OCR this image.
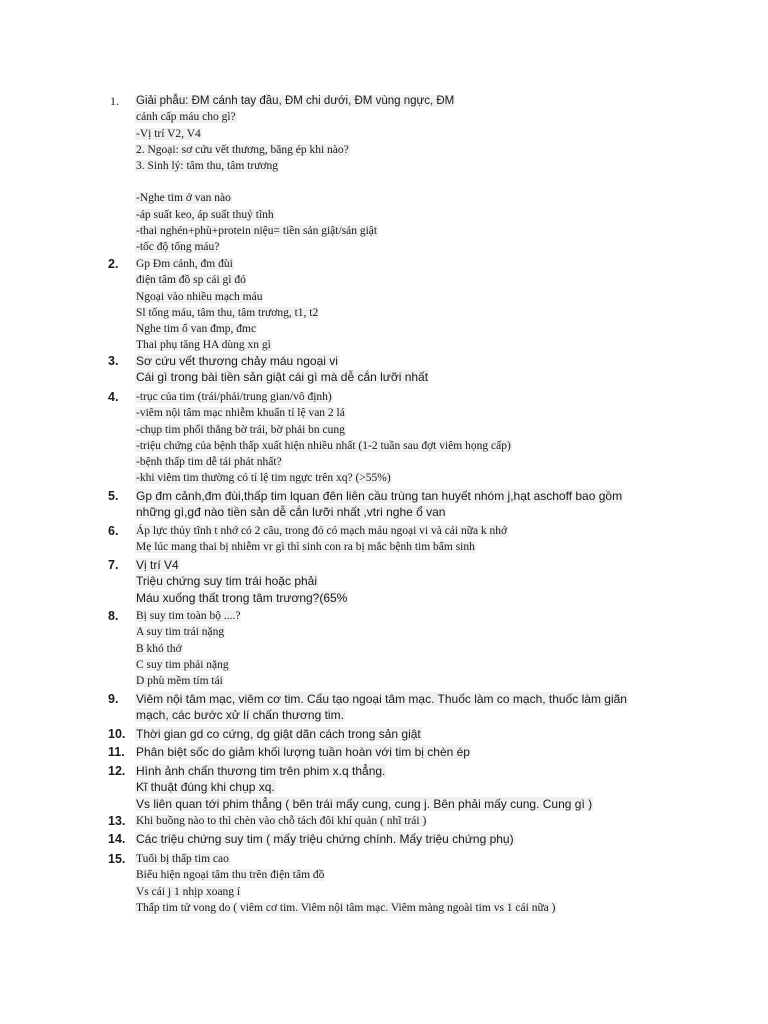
1.	Giải phẫu: ĐM cánh tay đầu, ĐM chi dưới, ĐM vùng ngực, ĐM
cảnh cấp máu cho gì?
-Vị trí V2, V4
2. Ngoại: sơ cứu vết thương, băng ép khi nào?
3. Sinh lý: tâm thu, tâm trương
-Nghe tim ở van nào
-áp suất keo, áp suất thuỷ tĩnh
-thai nghén+phù+protein niệu= tiền sản giật/sản giật
-tốc độ tống máu?
2.	Gp Đm cảnh, đm đùi
điện tâm đồ sp cái gì đó
Ngoại vào nhiều mạch máu
Sl tống máu, tâm thu, tâm trương, t1, t2
Nghe tim ổ van đmp, đmc
Thai phụ tăng HA dùng xn gì
3.	Sơ cứu vết thương chảy máu ngoại vi
Cái gì trong bài tiền sản giật cái gì mà dễ cắn lưỡi nhất
4.	-trục của tim (trái/phải/trung gian/vô định)
-viêm nội tâm mạc nhiễm khuẩn tỉ lệ van 2 lá
-chụp tim phổi thẳng bờ trái, bờ phải bn cung
-triệu chứng của bệnh thấp xuất hiện nhiều nhất (1-2 tuần sau đợt viêm họng cấp)
-bệnh thấp tim dễ tái phát nhất?
-khi viêm tim thường có tỉ lệ tim ngực trên xq? (>55%)
5.	Gp đm cảnh,đm đùi,thấp tim lquan đên liên cầu trùng tan huyết nhóm j,hạt aschoff bao gồm
những gì,gđ nào tiền sản dễ cắn lưỡi nhất ,vtri nghe ổ van
6.	Áp lực thủy tĩnh t nhớ có 2 câu, trong đó có mạch máu ngoại vi và cái nữa k nhớ
Mẹ lúc mang thai bị nhiễm vr gì thì sinh con ra bị mắc bệnh tim bẩm sinh
7.	Vị trí V4
Triệu chứng suy tim trái hoặc phải
Máu xuống thất trong tâm trương?(65%
8.	Bị suy tim toàn bộ ....?
A suy tim trái nặng
B khó thở
C suy tim phải nặng
D phù mềm tím tái
9.	Viêm nội tâm mạc, viêm cơ tim. Cấu tạo ngoại tâm mạc. Thuốc làm co mạch, thuốc làm giãn
mạch, các bước xử lí chấn thương tim.
10. Thời gian gd co cứng, dg giật dãn cách trong sản giật
11. Phân biệt sốc do giảm khối lượng tuần hoàn với tim bị chèn ép
12. Hình ảnh chấn thương tim trên phim x.q thẳng.
Kĩ thuật đúng khi chụp xq.
Vs liên quan tới phim thẳng ( bên trái mấy cung, cung j. Bên phải mấy cung. Cung gì )
13. Khi buồng nào to thì chèn vào chỗ tách đôi khí quản ( nhĩ trái )
14. Các triệu chứng suy tim ( mấy triệu chứng chính. Mấy triệu chứng phụ)
15. Tuổi bị thấp tim cao
Biểu hiện ngoại tâm thu trên điện tâm đồ
Vs cái j 1 nhịp xoang í
Thấp tim tử vong do ( viêm cơ tim. Viêm nội tâm mạc. Viêm màng ngoài tim vs 1 cái nữa )
